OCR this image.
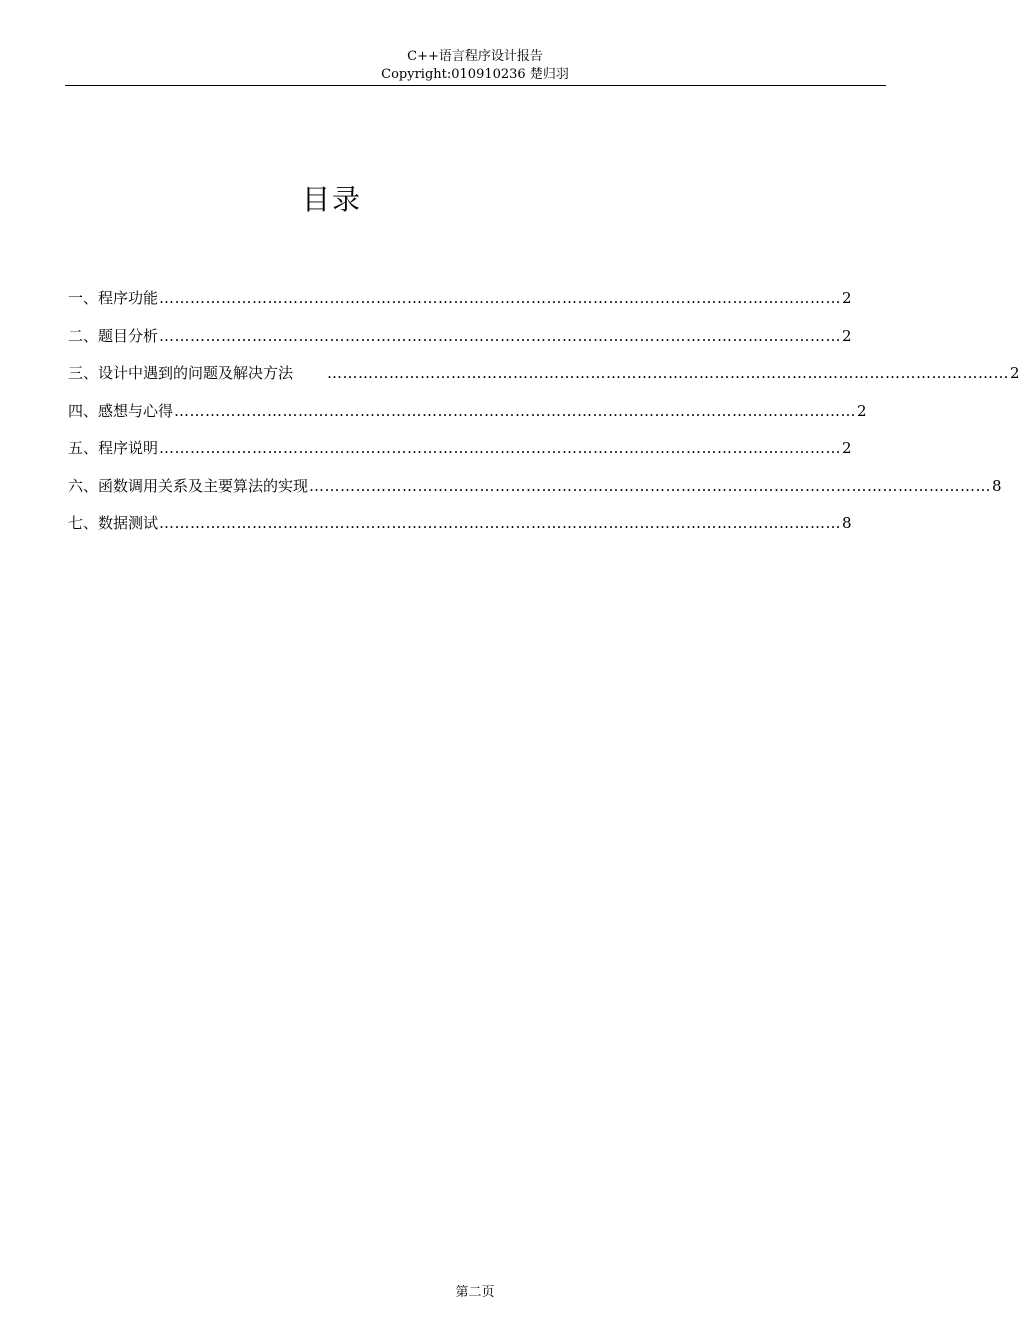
C++语言程序设计报告
Copyright:010910236 楚归羽
目录
一、程序功能 …………………………………………………………………………………………………………………… 2
二、题目分析 …………………………………………………………………………………………………………………… 2
三、设计中遇到的问题及解决方法 …………………………………………………………………………………………………………………… 2
四、感想与心得 …………………………………………………………………………………………………………………… 2
五、程序说明 …………………………………………………………………………………………………………………… 2
六、函数调用关系及主要算法的实现 …………………………………………………………………………………………………………………… 8
七、数据测试 …………………………………………………………………………………………………………………… 8
第二页
